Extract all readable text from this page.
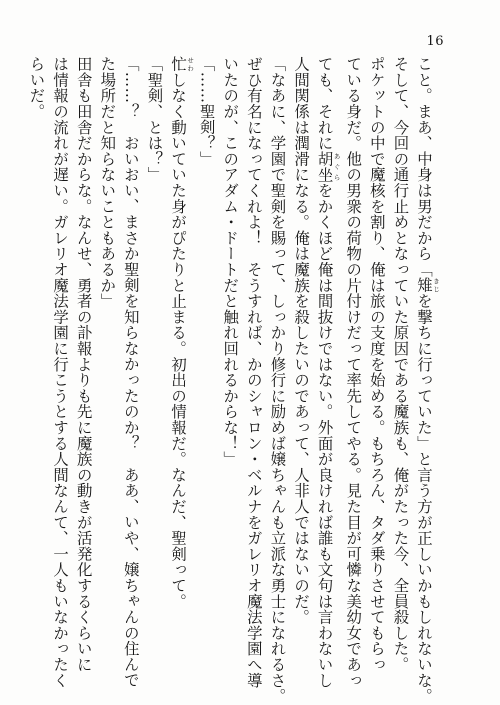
16

こと。まあ、中身は男だから「雉 きじを撃ちに行っていた」と言う方が正しいかもしれないな。

そして、今回の通行止めとなっていた原因である魔族も、俺がたった今、全員殺した。

ポケットの中で魔核を割り、俺は旅の支度を始める。もちろん、タダ乗りさせてもらっ

ている身だ。他の男衆の荷物の片付けだって率先してやる。見た目が可憐な美幼女であっ

ても、それに胡坐 あぐらをかくほど俺は間抜けではない。外面が良ければ誰も文句は言わないし

人間関係は潤滑になる。俺は魔族を殺したいのであって、人非人ではないのだ。

「なあに、学園で聖剣を賜って、しっかり修行に励めば嬢ちゃんも立派な勇士になれるさ。

ぜひ有名になってくれよ！　そうすれば、かのシャロン・ベルナをガレリオ魔法学園へ導

いたのが、このアダム・ドートだと触れ回れるからな！」

「……聖剣？」

忙 せわしなく動いていた身がぴたりと止まる。初出の情報だ。なんだ、聖剣って。

「聖剣、とは？」

「……？　おいおい、まさか聖剣を知らなかったのか？　ああ、いや、嬢ちゃんの住んで

た場所だと知らないこともあるか」

田舎も田舎だからな。なんせ、勇者の訃報よりも先に魔族の動きが活発化するくらいに

は情報の流れが遅い。ガレリオ魔法学園に行こうとする人間なんて、一人もいなかったく

らいだ。
